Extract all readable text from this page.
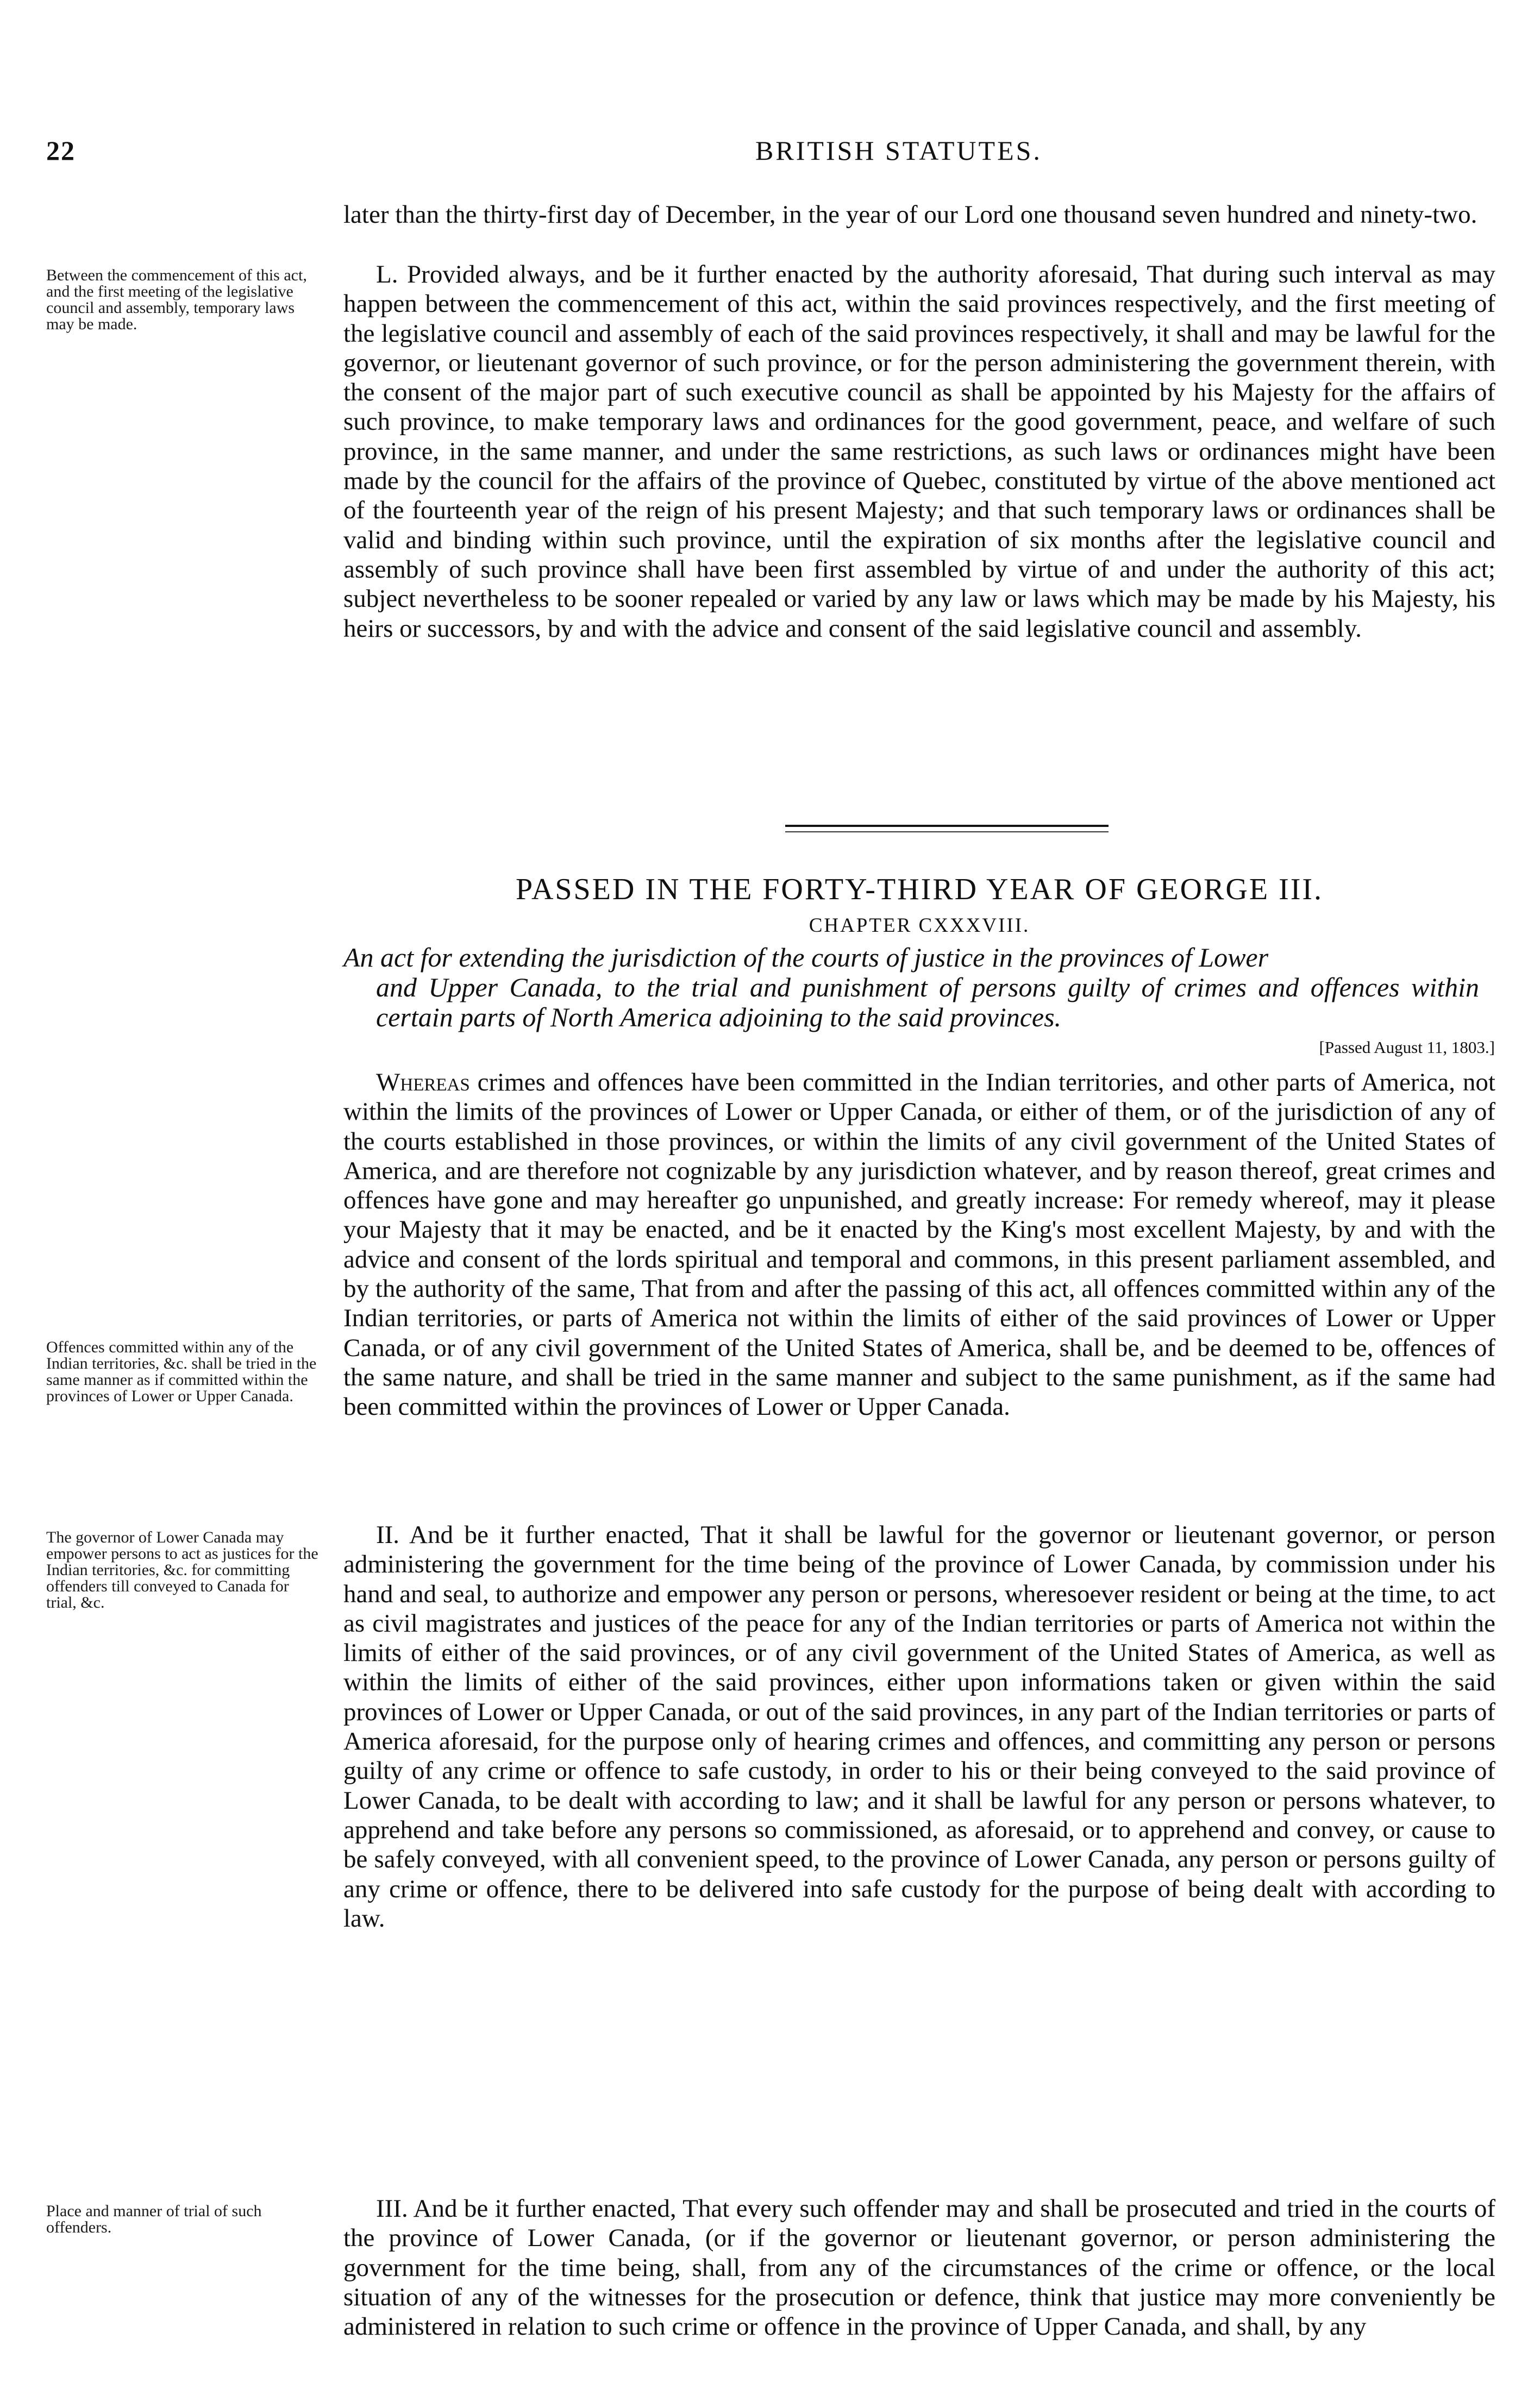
22	BRITISH STATUTES.

later than the thirty-first day of December, in the year of our Lord one thousand seven hundred and ninety-two.

Between the commencement of this act, and the first meeting of the legislative council and assembly, temporary laws may be made.

L. Provided always, and be it further enacted by the authority aforesaid, That during such interval as may happen between the commencement of this act, within the said provinces respectively, and the first meeting of the legislative council and assembly of each of the said provinces respectively, it shall and may be lawful for the governor, or lieutenant governor of such province, or for the person administering the government therein, with the consent of the major part of such executive council as shall be appointed by his Majesty for the affairs of such province, to make temporary laws and ordinances for the good government, peace, and welfare of such province, in the same manner, and under the same restrictions, as such laws or ordinances might have been made by the council for the affairs of the province of Quebec, constituted by virtue of the above mentioned act of the fourteenth year of the reign of his present Majesty; and that such temporary laws or ordinances shall be valid and binding within such province, until the expiration of six months after the legislative council and assembly of such province shall have been first assembled by virtue of and under the authority of this act; subject nevertheless to be sooner repealed or varied by any law or laws which may be made by his Majesty, his heirs or successors, by and with the advice and consent of the said legislative council and assembly.

PASSED IN THE FORTY-THIRD YEAR OF GEORGE III.
CHAPTER CXXXVIII.
An act for extending the jurisdiction of the courts of justice in the provinces of Lower
and Upper Canada, to the trial and punishment of persons guilty of crimes and offences within certain parts of North America adjoining to the said provinces.
[Passed August 11, 1803.]
Offences committed within any of the Indian territories, &c. shall be tried in the same manner as if committed within the provinces of Lower or Upper Canada.

Whereas crimes and offences have been committed in the Indian territories, and other parts of America, not within the limits of the provinces of Lower or Upper Canada, or either of them, or of the jurisdiction of any of the courts established in those provinces, or within the limits of any civil government of the United States of America, and are therefore not cognizable by any jurisdiction whatever, and by reason thereof, great crimes and offences have gone and may hereafter go unpunished, and greatly increase: For remedy whereof, may it please your Majesty that it may be enacted, and be it enacted by the King's most excellent Majesty, by and with the advice and consent of the lords spiritual and temporal and commons, in this present parliament assembled, and by the authority of the same, That from and after the passing of this act, all offences committed within any of the Indian territories, or parts of America not within the limits of either of the said provinces of Lower or Upper Canada, or of any civil government of the United States of America, shall be, and be deemed to be, offences of the same nature, and shall be tried in the same manner and subject to the same punishment, as if the same had been committed within the provinces of Lower or Upper Canada.

The governor of Lower Canada may empower persons to act as justices for the Indian territories, &c. for committing offenders till conveyed to Canada for trial, &c.

II. And be it further enacted, That it shall be lawful for the governor or lieutenant governor, or person administering the government for the time being of the province of Lower Canada, by commission under his hand and seal, to authorize and empower any person or persons, wheresoever resident or being at the time, to act as civil magistrates and justices of the peace for any of the Indian territories or parts of America not within the limits of either of the said provinces, or of any civil government of the United States of America, as well as within the limits of either of the said provinces, either upon informations taken or given within the said provinces of Lower or Upper Canada, or out of the said provinces, in any part of the Indian territories or parts of America aforesaid, for the purpose only of hearing crimes and offences, and committing any person or persons guilty of any crime or offence to safe custody, in order to his or their being conveyed to the said province of Lower Canada, to be dealt with according to law; and it shall be lawful for any person or persons whatever, to apprehend and take before any persons so commissioned, as aforesaid, or to apprehend and convey, or cause to be safely conveyed, with all convenient speed, to the province of Lower Canada, any person or persons guilty of any crime or offence, there to be delivered into safe custody for the purpose of being dealt with according to law.

Place and manner of trial of such offenders.

III. And be it further enacted, That every such offender may and shall be prosecuted and tried in the courts of the province of Lower Canada, (or if the governor or lieutenant governor, or person administering the government for the time being, shall, from any of the circumstances of the crime or offence, or the local situation of any of the witnesses for the prosecution or defence, think that justice may more conveniently be administered in relation to such crime or offence in the province of Upper Canada, and shall, by any
